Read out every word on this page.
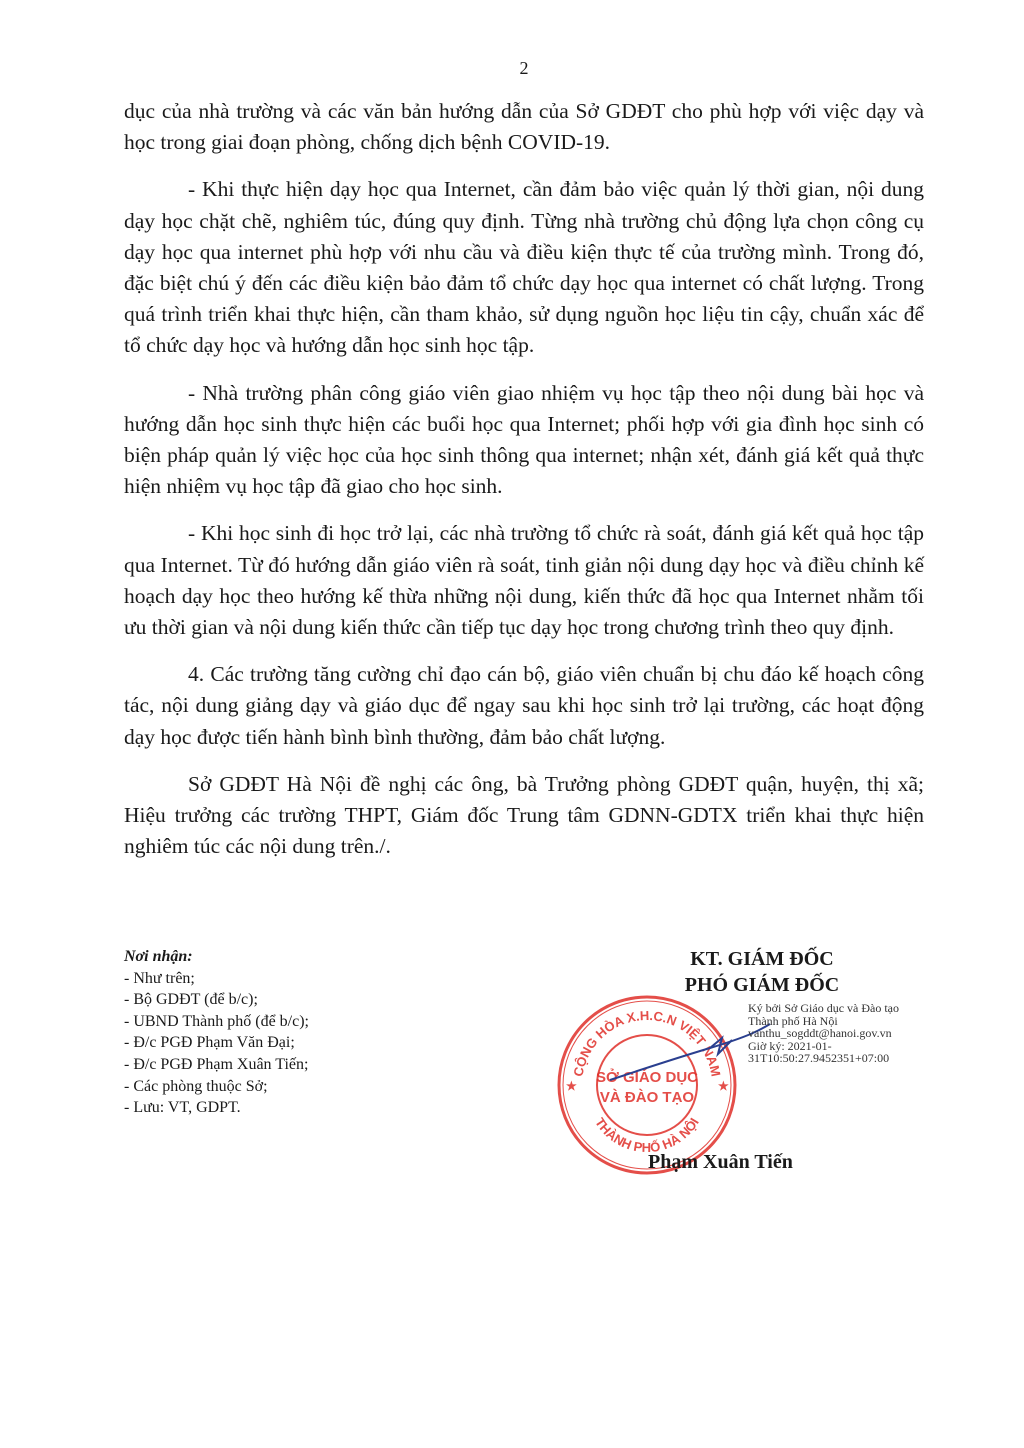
2

dục của nhà trường và các văn bản hướng dẫn của Sở GDĐT cho phù hợp với việc dạy và học trong giai đoạn phòng, chống dịch bệnh COVID-19.

- Khi thực hiện dạy học qua Internet, cần đảm bảo việc quản lý thời gian, nội dung dạy học chặt chẽ, nghiêm túc, đúng quy định. Từng nhà trường chủ động lựa chọn công cụ dạy học qua internet phù hợp với nhu cầu và điều kiện thực tế của trường mình. Trong đó, đặc biệt chú ý đến các điều kiện bảo đảm tổ chức dạy học qua internet có chất lượng. Trong quá trình triển khai thực hiện, cần tham khảo, sử dụng nguồn học liệu tin cậy, chuẩn xác để tổ chức dạy học và hướng dẫn học sinh học tập.

- Nhà trường phân công giáo viên giao nhiệm vụ học tập theo nội dung bài học và hướng dẫn học sinh thực hiện các buổi học qua Internet; phối hợp với gia đình học sinh có biện pháp quản lý việc học của học sinh thông qua internet; nhận xét, đánh giá kết quả thực hiện nhiệm vụ học tập đã giao cho học sinh.

- Khi học sinh đi học trở lại, các nhà trường tổ chức rà soát, đánh giá kết quả học tập qua Internet. Từ đó hướng dẫn giáo viên rà soát, tinh giản nội dung dạy học và điều chỉnh kế hoạch dạy học theo hướng kế thừa những nội dung, kiến thức đã học qua Internet nhằm tối ưu thời gian và nội dung kiến thức cần tiếp tục dạy học trong chương trình theo quy định.

4. Các trường tăng cường chỉ đạo cán bộ, giáo viên chuẩn bị chu đáo kế hoạch công tác, nội dung giảng dạy và giáo dục để ngay sau khi học sinh trở lại trường, các hoạt động dạy học được tiến hành bình bình thường, đảm bảo chất lượng.

Sở GDĐT Hà Nội đề nghị các ông, bà Trưởng phòng GDĐT quận, huyện, thị xã; Hiệu trưởng các trường THPT, Giám đốc Trung tâm GDNN-GDTX triển khai thực hiện nghiêm túc các nội dung trên./.

Nơi nhận:
- Như trên;
- Bộ GDĐT (để b/c);
- UBND Thành phố (để b/c);
- Đ/c PGĐ Phạm Văn Đại;
- Đ/c PGĐ Phạm Xuân Tiến;
- Các phòng thuộc Sở;
- Lưu: VT, GDPT.
KT. GIÁM ĐỐC
PHÓ GIÁM ĐỐC
CỘNG HÒA X.H.C.N VIỆT NAM
THÀNH PHỐ HÀ NỘI
SỞ GIÁO DỤC
VÀ ĐÀO TẠO
★	★
Ký bởi Sở Giáo dục và Đào tạo
Thành phố Hà Nội
vanthu_sogddt@hanoi.gov.vn
Giờ ký: 2021-01-
31T10:50:27.9452351+07:00
Phạm Xuân Tiến
